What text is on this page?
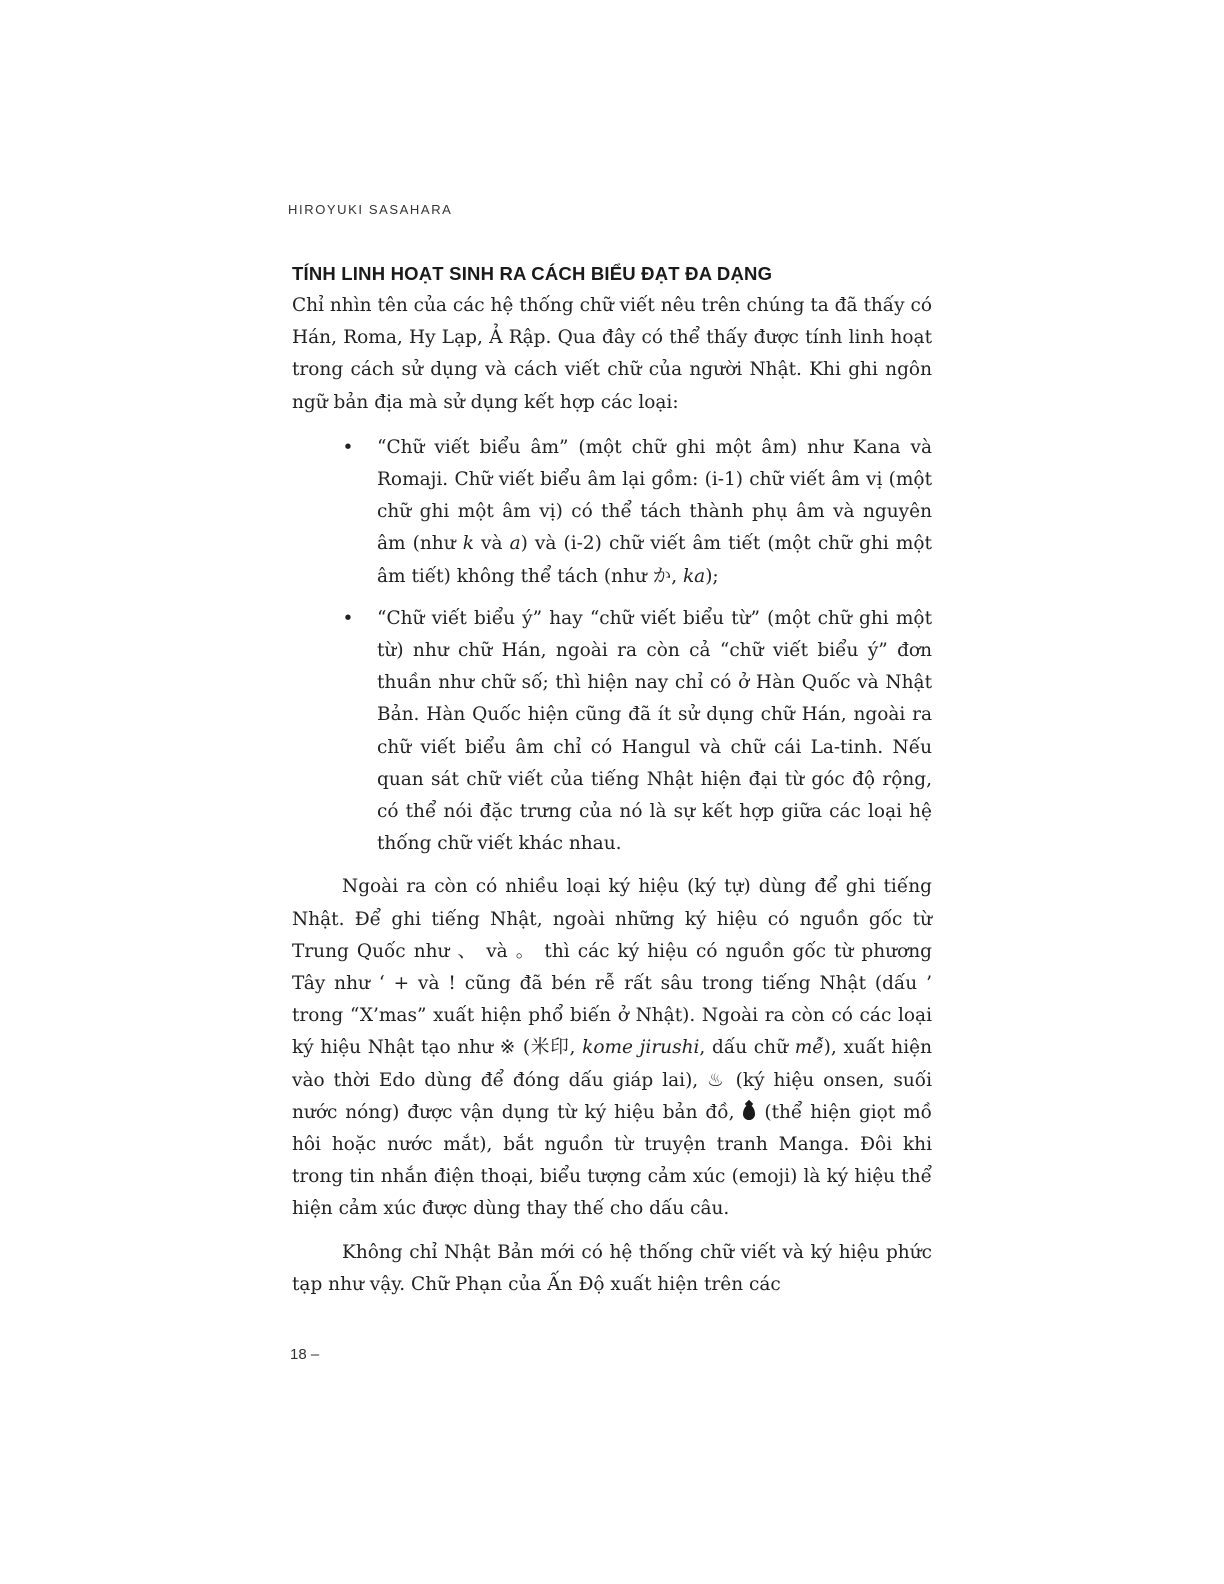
HIROYUKI SASAHARA
TÍNH LINH HOẠT SINH RA CÁCH BIỂU ĐẠT ĐA DẠNG

Chỉ nhìn tên của các hệ thống chữ viết nêu trên chúng ta đã thấy có Hán, Roma, Hy Lạp, Ả Rập. Qua đây có thể thấy được tính linh hoạt trong cách sử dụng và cách viết chữ của người Nhật. Khi ghi ngôn ngữ bản địa mà sử dụng kết hợp các loại:

• “Chữ viết biểu âm” (một chữ ghi một âm) như Kana và Romaji. Chữ viết biểu âm lại gồm: (i-1) chữ viết âm vị (một chữ ghi một âm vị) có thể tách thành phụ âm và nguyên âm (như k và a) và (i-2) chữ viết âm tiết (một chữ ghi một âm tiết) không thể tách (như か, ka);
• “Chữ viết biểu ý” hay “chữ viết biểu từ” (một chữ ghi một từ) như chữ Hán, ngoài ra còn cả “chữ viết biểu ý” đơn thuần như chữ số; thì hiện nay chỉ có ở Hàn Quốc và Nhật Bản. Hàn Quốc hiện cũng đã ít sử dụng chữ Hán, ngoài ra chữ viết biểu âm chỉ có Hangul và chữ cái La-tinh. Nếu quan sát chữ viết của tiếng Nhật hiện đại từ góc độ rộng, có thể nói đặc trưng của nó là sự kết hợp giữa các loại hệ thống chữ viết khác nhau.

Ngoài ra còn có nhiều loại ký hiệu (ký tự) dùng để ghi tiếng Nhật. Để ghi tiếng Nhật, ngoài những ký hiệu có nguồn gốc từ Trung Quốc như 、 và 。 thì các ký hiệu có nguồn gốc từ phương Tây như ‘ + và ! cũng đã bén rễ rất sâu trong tiếng Nhật (dấu ’ trong “X’mas” xuất hiện phổ biến ở Nhật). Ngoài ra còn có các loại ký hiệu Nhật tạo như ※ (米印, kome jirushi, dấu chữ mễ), xuất hiện vào thời Edo dùng để đóng dấu giáp lai), ♨ (ký hiệu onsen, suối nước nóng) được vận dụng từ ký hiệu bản đồ,  (thể hiện giọt mồ hôi hoặc nước mắt), bắt nguồn từ truyện tranh Manga. Đôi khi trong tin nhắn điện thoại, biểu tượng cảm xúc (emoji) là ký hiệu thể hiện cảm xúc được dùng thay thế cho dấu câu.

Không chỉ Nhật Bản mới có hệ thống chữ viết và ký hiệu phức tạp như vậy. Chữ Phạn của Ấn Độ xuất hiện trên các

18 –
